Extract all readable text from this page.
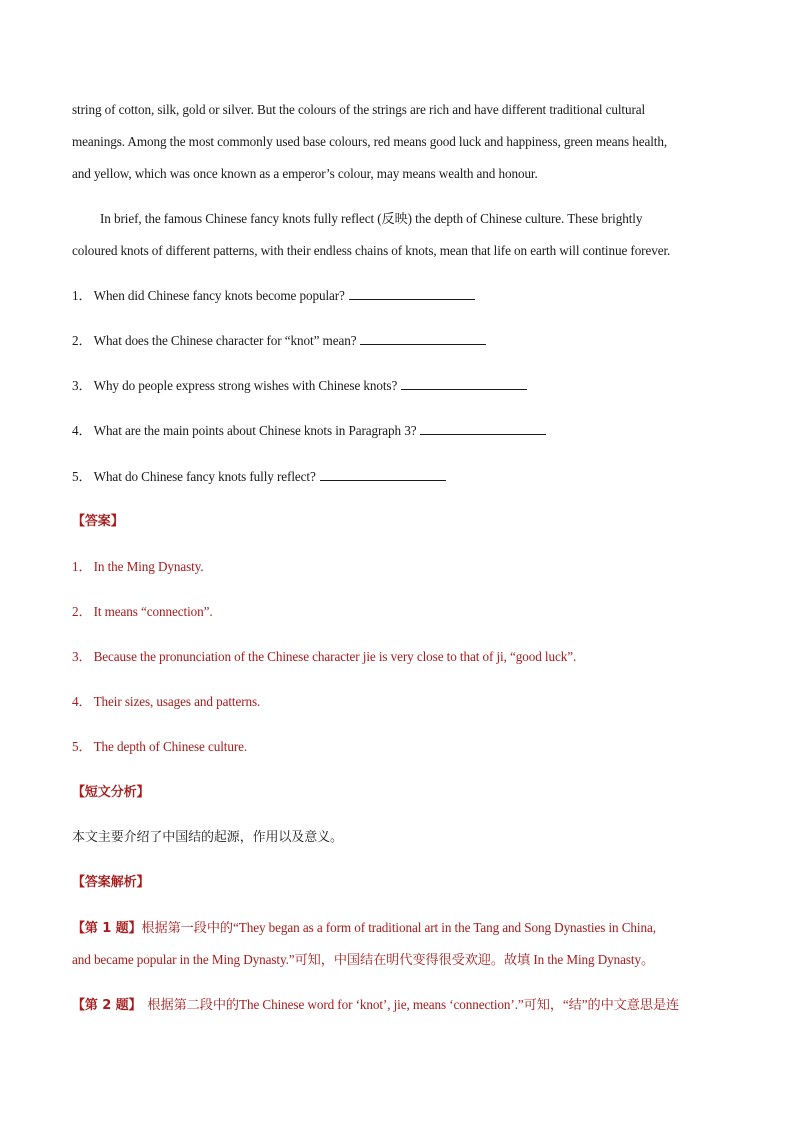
string of cotton, silk, gold or silver. But the colours of the strings are rich and have different traditional cultural
meanings. Among the most commonly used base colours, red means good luck and happiness, green means health,
and yellow, which was once known as a emperor’s colour, may means wealth and honour.
In brief, the famous Chinese fancy knots fully reflect (反映) the depth of Chinese culture. These brightly
coloured knots of different patterns, with their endless chains of knots, mean that life on earth will continue forever.
1． When did Chinese fancy knots become popular?
2． What does the Chinese character for “knot” mean?
3． Why do people express strong wishes with Chinese knots?
4． What are the main points about Chinese knots in Paragraph 3?
5． What do Chinese fancy knots fully reflect?
【答案】
1． In the Ming Dynasty.
2． It means “connection”.
3． Because the pronunciation of the Chinese character jie is very close to that of ji, “good luck”.
4． Their sizes, usages and patterns.
5． The depth of Chinese culture.
【短文分析】
本文主要介绍了中国结的起源，作用以及意义。
【答案解析】
【第 1 题】根据第一段中的“They began as a form of traditional art in the Tang and Song Dynasties in China,
and became popular in the Ming Dynasty.”可知，中国结在明代变得很受欢迎。故填 In the Ming Dynasty。
【第 2 题】 根据第二段中的The Chinese word for ‘knot’, jie, means ‘connection’.”可知，“结”的中文意思是连
